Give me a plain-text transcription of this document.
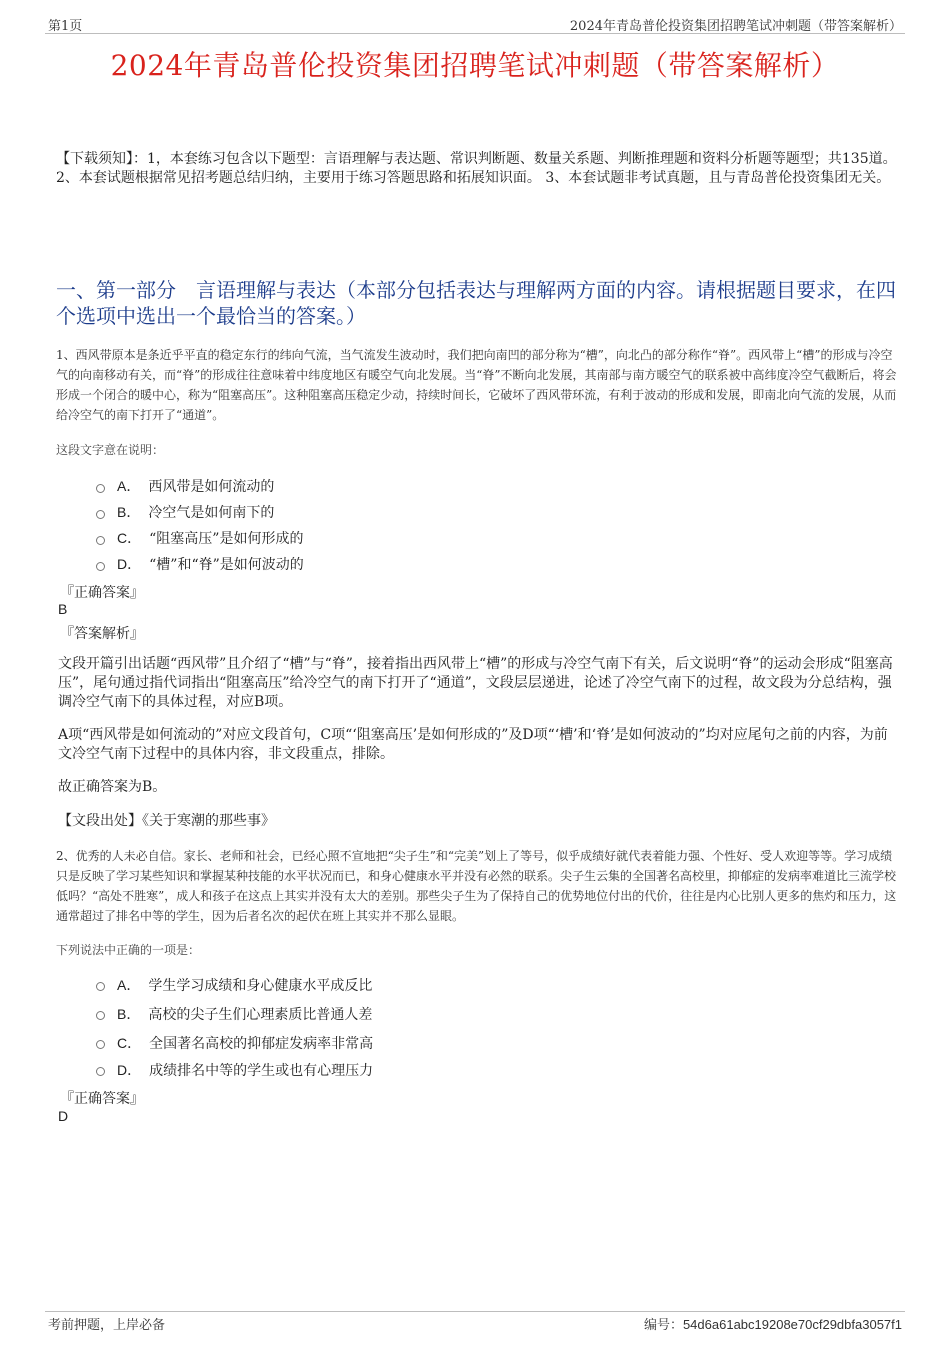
第1页	2024年青岛普伦投资集团招聘笔试冲刺题（带答案解析）
2024年青岛普伦投资集团招聘笔试冲刺题（带答案解析）
【下载须知】：1，本套练习包含以下题型：言语理解与表达题、常识判断题、数量关系题、判断推理题和资料分析题等题型；共135道。 2、本套试题根据常见招考题总结归纳，主要用于练习答题思路和拓展知识面。 3、本套试题非考试真题，且与青岛普伦投资集团无关。
一、第一部分　言语理解与表达（本部分包括表达与理解两方面的内容。请根据题目要求，在四个选项中选出一个最恰当的答案。）
1、西风带原本是条近乎平直的稳定东行的纬向气流，当气流发生波动时，我们把向南凹的部分称为“槽”，向北凸的部分称作“脊”。西风带上“槽”的形成与冷空气的向南移动有关，而“脊”的形成往往意味着中纬度地区有暖空气向北发展。当“脊”不断向北发展，其南部与南方暖空气的联系被中高纬度冷空气截断后，将会形成一个闭合的暖中心，称为“阻塞高压”。这种阻塞高压稳定少动，持续时间长，它破坏了西风带环流，有利于波动的形成和发展，即南北向气流的发展，从而给冷空气的南下打开了“通道”。
这段文字意在说明：
A． 西风带是如何流动的
B． 冷空气是如何南下的
C． “阻塞高压”是如何形成的
D． “槽”和“脊”是如何波动的
『正确答案』
B
『答案解析』
文段开篇引出话题“西风带”且介绍了“槽”与“脊”，接着指出西风带上“槽”的形成与冷空气南下有关，后文说明“脊”的运动会形成“阻塞高压”，尾句通过指代词指出“阻塞高压”给冷空气的南下打开了“通道”，文段层层递进，论述了冷空气南下的过程，故文段为分总结构，强调冷空气南下的具体过程，对应B项。
A项“西风带是如何流动的”对应文段首句，C项“‘阻塞高压’是如何形成的”及D项“‘槽’和‘脊’是如何波动的”均对应尾句之前的内容，为前文冷空气南下过程中的具体内容，非文段重点，排除。
故正确答案为B。
【文段出处】《关于寒潮的那些事》
2、优秀的人未必自信。家长、老师和社会，已经心照不宣地把“尖子生”和“完美”划上了等号，似乎成绩好就代表着能力强、个性好、受人欢迎等等。学习成绩只是反映了学习某些知识和掌握某种技能的水平状况而已，和身心健康水平并没有必然的联系。尖子生云集的全国著名高校里，抑郁症的发病率难道比三流学校低吗？“高处不胜寒”，成人和孩子在这点上其实并没有太大的差别。那些尖子生为了保持自己的优势地位付出的代价，往往是内心比别人更多的焦灼和压力，这通常超过了排名中等的学生，因为后者名次的起伏在班上其实并不那么显眼。
下列说法中正确的一项是：
A． 学生学习成绩和身心健康水平成反比
B． 高校的尖子生们心理素质比普通人差
C． 全国著名高校的抑郁症发病率非常高
D． 成绩排名中等的学生或也有心理压力
『正确答案』
D
考前押题，上岸必备	编号：54d6a61abc19208e70cf29dbfa3057f1
